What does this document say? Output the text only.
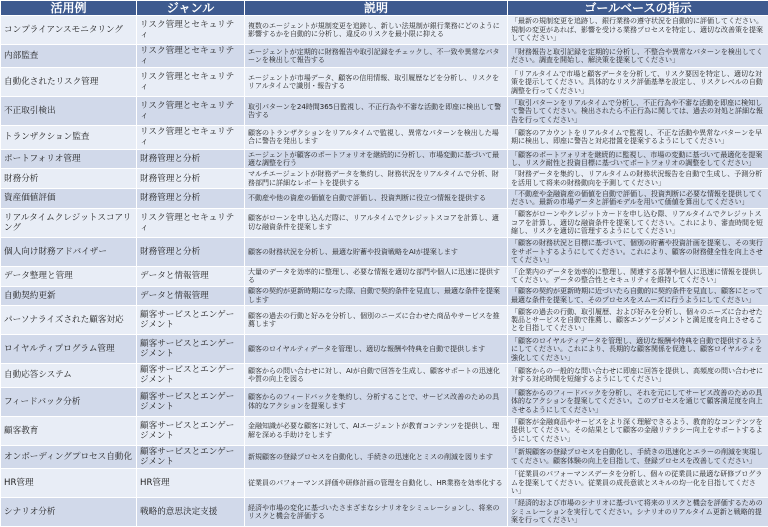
活用例	ジャンル	説明	ゴールベースの指示
コンプライアンスモニタリング	リスク管理とセキュリティ	複数のエージェントが規制変更を追跡し、新しい法規制が銀行業務にどのように影響するかを自動的に分析し、違反のリスクを最小限に抑える	「最新の規制変更を追跡し、銀行業務の遵守状況を自動的に評価してください。規制の変更があれば、影響を受ける業務プロセスを特定し、適切な改善策を提案してください」
内部監査	リスク管理とセキュリティ	エージェントが定期的に財務報告や取引記録をチェックし、不一致や異常なパターンを検出して報告する	「財務報告と取引記録を定期的に分析し、不整合や異常なパターンを検出してください。調査を開始し、解決策を提案してください」
自動化されたリスク管理	リスク管理とセキュリティ	エージェントが市場データ、顧客の信用情報、取引履歴などを分析し、リスクをリアルタイムで識別・報告する	「リアルタイムで市場と顧客データを分析して、リスク要因を特定し、適切な対策を提示してください。具体的なリスク評価基準を設定し、リスクレベルの自動調整を行ってください」
不正取引検出	リスク管理とセキュリティ	取引パターンを24時間365日監視し、不正行為や不審な活動を即座に検出して警告する	「取引パターンをリアルタイムで分析し、不正行為や不審な活動を即座に検知して警告してください。検出されたら不正行為に関しては、過去の対処と詳細な報告を行ってください」
トランザクション監査	リスク管理とセキュリティ	顧客のトランザクションをリアルタイムで監視し、異常なパターンを検出した場合に警告を発出します	「顧客のアカウントをリアルタイムで監視し、不正な活動や異常なパターンを早期に検出し、即座に警告と対応措置を提案するようにしてください」
ポートフォリオ管理	財務管理と分析	エージェントが顧客のポートフォリオを継続的に分析し、市場変動に基づいて最適な調整を行う	「顧客のポートフォリオを継続的に監視し、市場の変動に基づいて最適化を提案し、リスク耐性と投資目標に基づいてポートフォリオの調整をしてください」
財務分析	財務管理と分析	マルチエージェントが財務データを集約し、財務状況をリアルタイムで分析、財務部門に詳細なレポートを提供する	「財務データを集約し、リアルタイムの財務状況報告を自動で生成し、予測分析を活用して将来の財務動向を予測してください」
資産価値評価	財務管理と分析	不動産や他の資産の価値を自動で評価し、投資判断に役立つ情報を提供する	「不動産や金融資産の価値を自動で評価し、投資判断に必要な情報を提供してください。最新の市場データと評価モデルを用いて価値を算出してください」
リアルタイムクレジットスコアリング	リスク管理とセキュリティ	顧客がローンを申し込んだ際に、リアルタイムでクレジットスコアを計算し、適切な融資条件を提案します	「顧客がローンやクレジットカードを申し込む際、リアルタイムでクレジットスコアを計算し、適切な融資条件を提案してください。これにより、審査時間を短縮し、リスクを適切に管理するようにしてください」
個人向け財務アドバイザー	財務管理と分析	顧客の財務状況を分析し、最適な貯蓄や投資戦略をAIが提案します	「顧客の財務状況と目標に基づいて、個別の貯蓄や投資計画を提案し、その実行をサポートするようにしてください。これにより、顧客の財務健全性を向上させてください」
データ整理と管理	データと情報管理	大量のデータを効率的に整理し、必要な情報を適切な部門や個人に迅速に提供する	「企業内のデータを効率的に整理し、関連する部署や個人に迅速に情報を提供してください。データの整合性とセキュリティを維持してください」
自動契約更新	データと情報管理	顧客の契約が更新時期になった際、自動で契約条件を見直し、最適な条件を提案します	「顧客の契約が更新時期に近づいたら自動的に契約条件を見直し、顧客にとって最適な条件を提案して、そのプロセスをスムーズに行うようにしてください」
パーソナライズされた顧客対応	顧客サービスとエンゲージメント	顧客の過去の行動と好みを分析し、個別のニーズに合わせた商品やサービスを推薦します	「顧客の過去の行動、取引履歴、および好みを分析し、個々のニーズに合わせた製品とサービスを自動で推薦し、顧客エンゲージメントと満足度を向上させることを目指してください」
ロイヤルティプログラム管理	顧客サービスとエンゲージメント	顧客のロイヤルティデータを管理し、適切な報酬や特典を自動で提供します	「顧客のロイヤルティデータを管理し、適切な報酬や特典を自動で提供するようにしてください。これにより、長期的な顧客関係を促進し、顧客ロイヤルティを強化してください」
自動応答システム	顧客サービスとエンゲージメント	顧客からの問い合わせに対し、AIが自動で回答を生成し、顧客サポートの迅速化や質の向上を図る	「顧客からの一般的な問い合わせに即座に回答を提供し、高頻度の問い合わせに対する対応時間を短縮するようにしてください」
フィードバック分析	顧客サービスとエンゲージメント	顧客からのフィードバックを集約し、分析することで、サービス改善のための具体的なアクションを提案します	「顧客からのフィードバックを分析し、それを元にしてサービス改善のための具体的なアクションを提案してください。このプロセスを通じて顧客満足度を向上させるようにしてください」
顧客教育	顧客サービスとエンゲージメント	金融知識が必要な顧客に対して、AIエージェントが教育コンテンツを提供し、理解を深める手助けをします	「顧客が金融商品やサービスをより深く理解できるよう、教育的なコンテンツを提供してください。その結果として顧客の金融リテラシー向上をサポートするようにしてください」
オンボーディングプロセス自動化	顧客サービスとエンゲージメント	新規顧客の登録プロセスを自動化し、手続きの迅速化とミスの削減を図ります	「新規顧客の登録プロセスを自動化し、手続きの迅速化とエラーの削減を実現してください。顧客体験の向上を目指して、登録プロセスを改善してください」
HR管理	HR管理	従業員のパフォーマンス評価や研修計画の管理を自動化し、HR業務を効率化する	「従業員のパフォーマンスデータを分析し、個々の従業員に最適な研修プログラムを提案してください。従業員の成長意欲とスキルの均一化を目指してください」
シナリオ分析	戦略的意思決定支援	経済や市場の変化に基づいたさまざまなシナリオをシミュレーションし、将来のリスクと機会を評価する	「経済的および市場のシナリオに基づいて将来のリスクと機会を評価するためのシミュレーションを実行してください。シナリオのリアルタイム更新と戦略的提案を行ってください」
